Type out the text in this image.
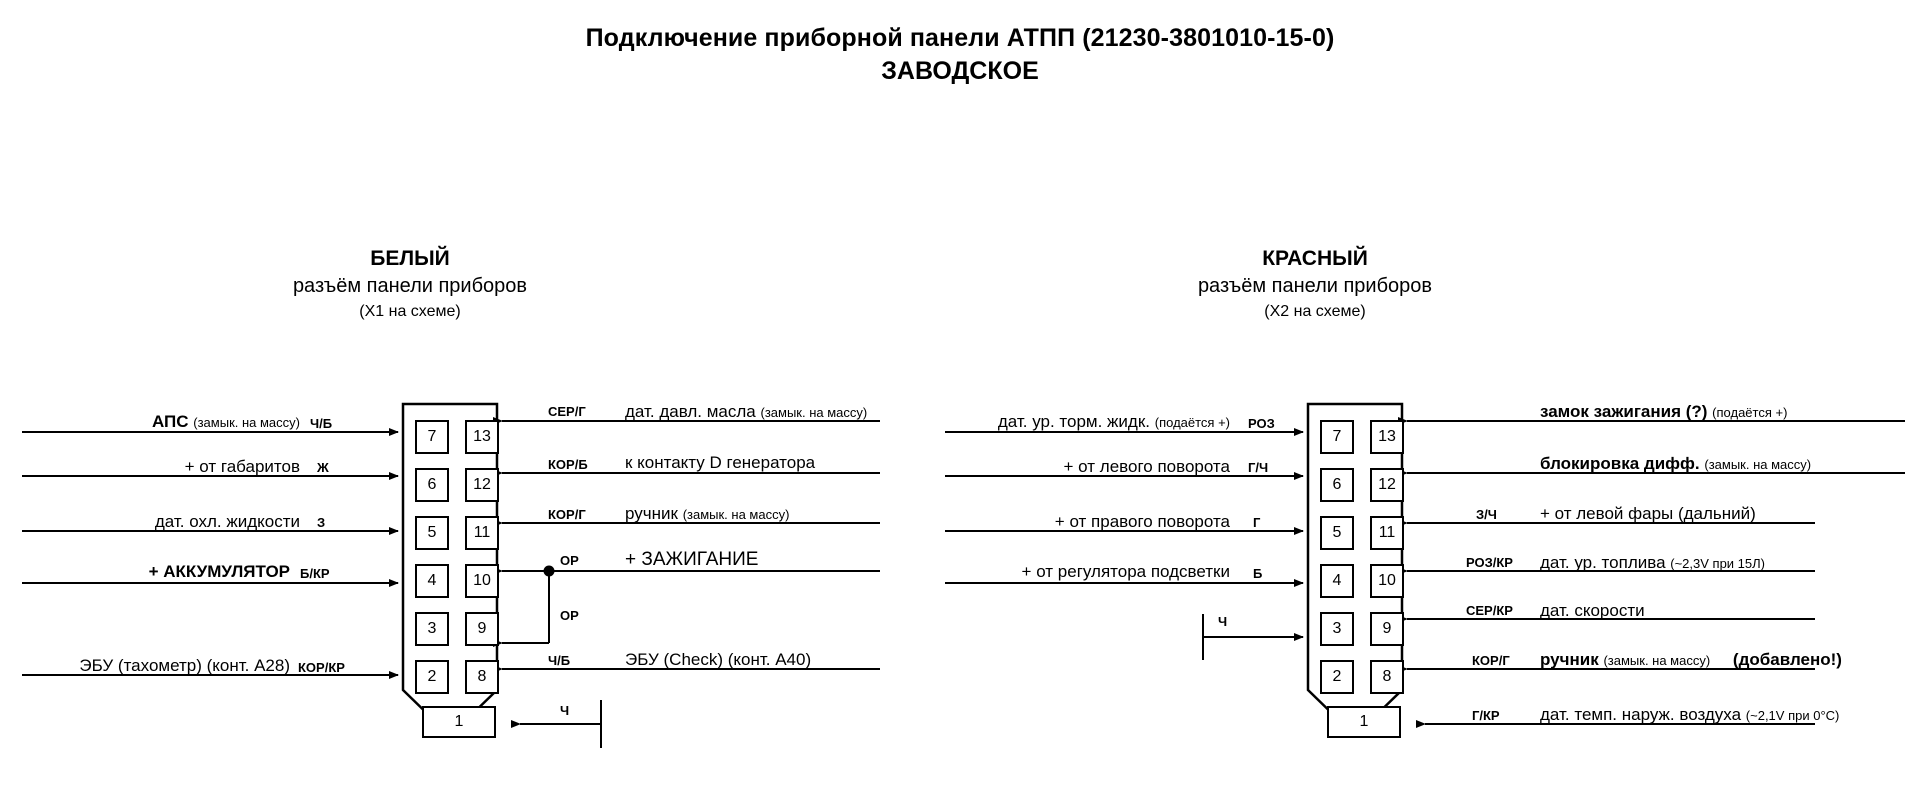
Подключение приборной панели АТПП (21230-3801010-15-0)
ЗАВОДСКОЕ
БЕЛЫЙ
разъём панели приборов
(Х1 на схеме)
КРАСНЫЙ
разъём панели приборов
(Х2 на схеме)
7
6
5
4
3
2
13
12
11
10
9
8
1
7
6
5
4
3
2
13
12
11
10
9
8
1
АПС (замык. на массу) Ч/Б
+ от габаритов Ж
дат. охл. жидкости З
+ АККУМУЛЯТОР Б/КР
ЭБУ (тахометр) (конт. А28) КОР/КР
СЕР/Г дат. давл. масла (замык. на массу)
КОР/Б к контакту D генератора
КОР/Г ручник (замык. на массу)
ОР + ЗАЖИГАНИЕ
ОР
Ч/Б	ЭБУ (Check) (конт. А40)
Ч
дат. ур. торм. жидк. (подаётся +) РОЗ
+ от левого поворота Г/Ч
+ от правого поворота Г
+ от регулятора подсветки Б
Ч
замок зажигания (?) (подаётся +)
блокировка дифф. (замык. на массу)
З/Ч	+ от левой фары (дальний)
РОЗ/КР дат. ур. топлива (~2,3V при 15Л)
СЕР/КР дат. скорости
КОР/Г ручник (замык. на массу) (добавлено!)
Г/КР дат. темп. наруж. воздуха (~2,1V при 0°С)
